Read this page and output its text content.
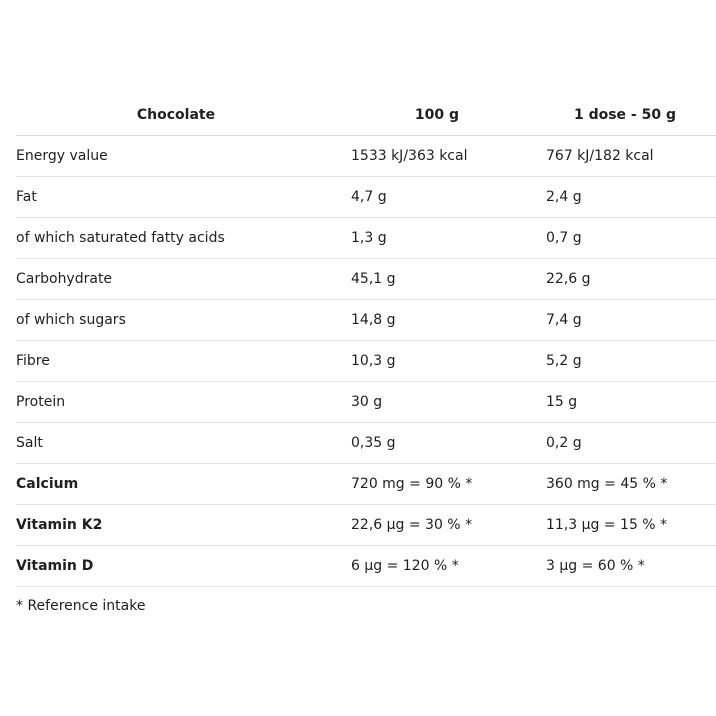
Chocolate	100 g	1 dose - 50 g
Energy value	1533 kJ/363 kcal	767 kJ/182 kcal
Fat	4,7 g	2,4 g
of which saturated fatty acids	1,3 g	0,7 g
Carbohydrate	45,1 g	22,6 g
of which sugars	14,8 g	7,4 g
Fibre	10,3 g	5,2 g
Protein	30 g	15 g
Salt	0,35 g	0,2 g
Calcium	720 mg = 90 % *	360 mg = 45 % *
Vitamin K2	22,6 µg = 30 % *	11,3 µg = 15 % *
Vitamin D	6 µg = 120 % *	3 µg = 60 % *
* Reference intake
